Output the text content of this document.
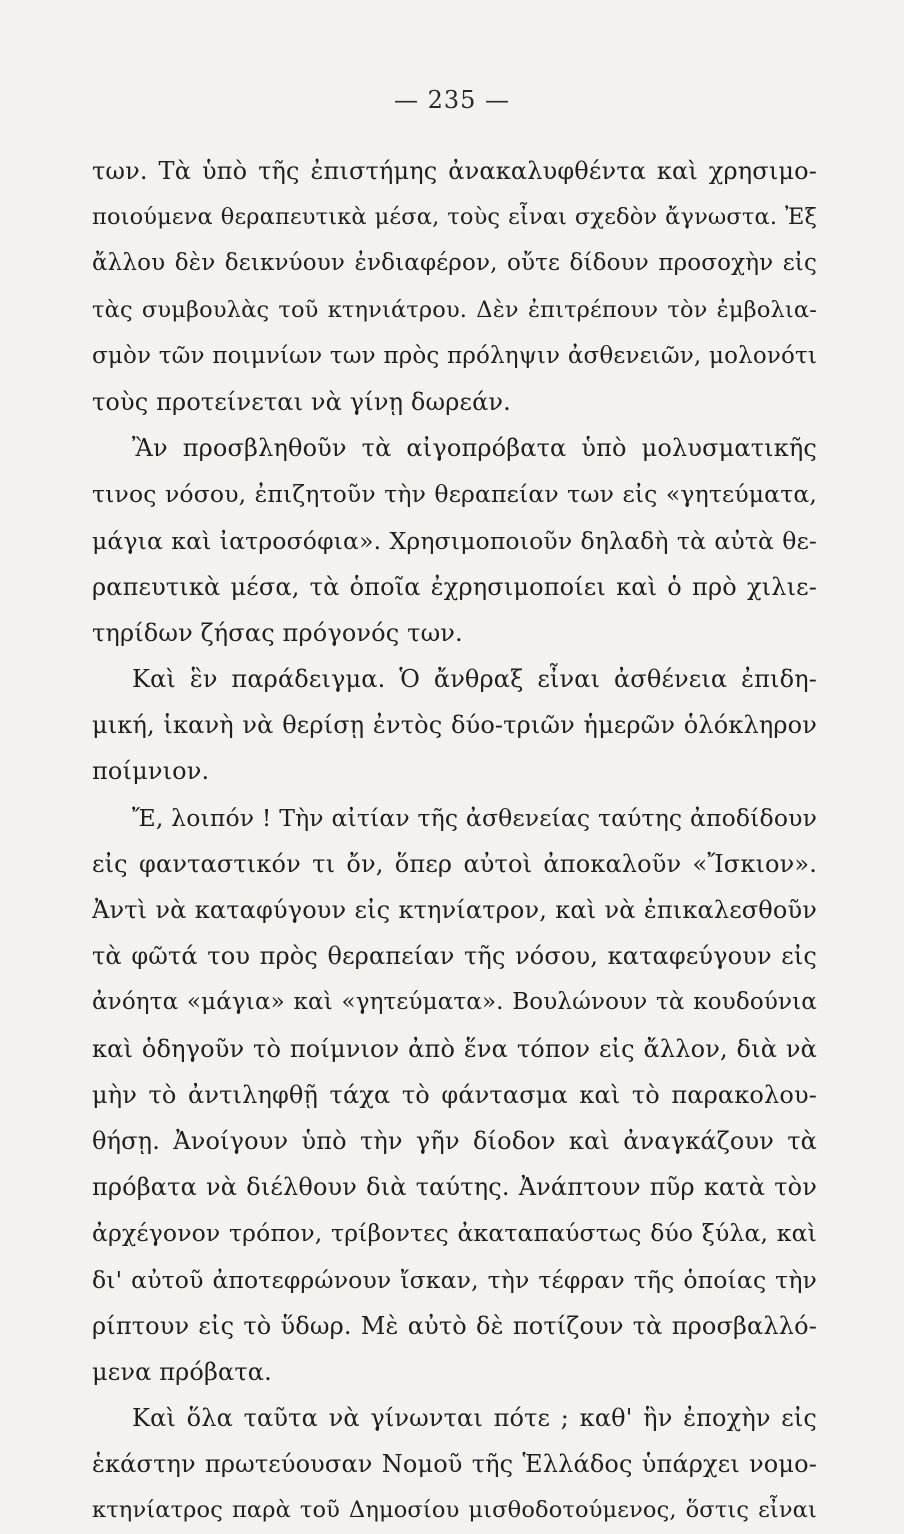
— 235 —
των. Τὰ ὑπὸ τῆς ἐπιστήμης ἀνακαλυφθέντα καὶ χρησιμο-
ποιούμενα θεραπευτικὰ μέσα, τοὺς εἶναι σχεδὸν ἄγνωστα. Ἐξ
ἄλλου δὲν δεικνύουν ἐνδιαφέρον, οὔτε δίδουν προσοχὴν εἰς
τὰς συμβουλὰς τοῦ κτηνιάτρου. Δὲν ἐπιτρέπουν τὸν ἐμβολια-
σμὸν τῶν ποιμνίων των πρὸς πρόληψιν ἀσθενειῶν, μολονότι
τοὺς προτείνεται νὰ γίνῃ δωρεάν.
Ἂν προσβληθοῦν τὰ αἰγοπρόβατα ὑπὸ μολυσματικῆς
τινος νόσου, ἐπιζητοῦν τὴν θεραπείαν των εἰς «γητεύματα,
μάγια καὶ ἰατροσόφια». Χρησιμοποιοῦν δηλαδὴ τὰ αὐτὰ θε-
ραπευτικὰ μέσα, τὰ ὁποῖα ἐχρησιμοποίει καὶ ὁ πρὸ χιλιε-
τηρίδων ζήσας πρόγονός των.
Καὶ ἓν παράδειγμα. Ὁ ἄνθραξ εἶναι ἀσθένεια ἐπιδη-
μική, ἱκανὴ νὰ θερίσῃ ἐντὸς δύο-τριῶν ἡμερῶν ὁλόκληρον
ποίμνιον.
Ἔ, λοιπόν ! Τὴν αἰτίαν τῆς ἀσθενείας ταύτης ἀποδίδουν
εἰς φανταστικόν τι ὄν, ὅπερ αὐτοὶ ἀποκαλοῦν «Ἴσκιον».
Ἀντὶ νὰ καταφύγουν εἰς κτηνίατρον, καὶ νὰ ἐπικαλεσθοῦν
τὰ φῶτά του πρὸς θεραπείαν τῆς νόσου, καταφεύγουν εἰς
ἀνόητα «μάγια» καὶ «γητεύματα». Βουλώνουν τὰ κουδούνια
καὶ ὁδηγοῦν τὸ ποίμνιον ἀπὸ ἕνα τόπον εἰς ἄλλον, διὰ νὰ
μὴν τὸ ἀντιληφθῇ τάχα τὸ φάντασμα καὶ τὸ παρακολου-
θήσῃ. Ἀνοίγουν ὑπὸ τὴν γῆν δίοδον καὶ ἀναγκάζουν τὰ
πρόβατα νὰ διέλθουν διὰ ταύτης. Ἀνάπτουν πῦρ κατὰ τὸν
ἀρχέγονον τρόπον, τρίβοντες ἀκαταπαύστως δύο ξύλα, καὶ
δι' αὐτοῦ ἀποτεφρώνουν ἴσκαν, τὴν τέφραν τῆς ὁποίας τὴν
ρίπτουν εἰς τὸ ὕδωρ. Μὲ αὐτὸ δὲ ποτίζουν τὰ προσβαλλό-
μενα πρόβατα.
Καὶ ὅλα ταῦτα νὰ γίνωνται πότε ; καθ' ἣν ἐποχὴν εἰς
ἑκάστην πρωτεύουσαν Νομοῦ τῆς Ἑλλάδος ὑπάρχει νομο-
κτηνίατρος παρὰ τοῦ Δημοσίου μισθοδοτούμενος, ὅστις εἶναι
